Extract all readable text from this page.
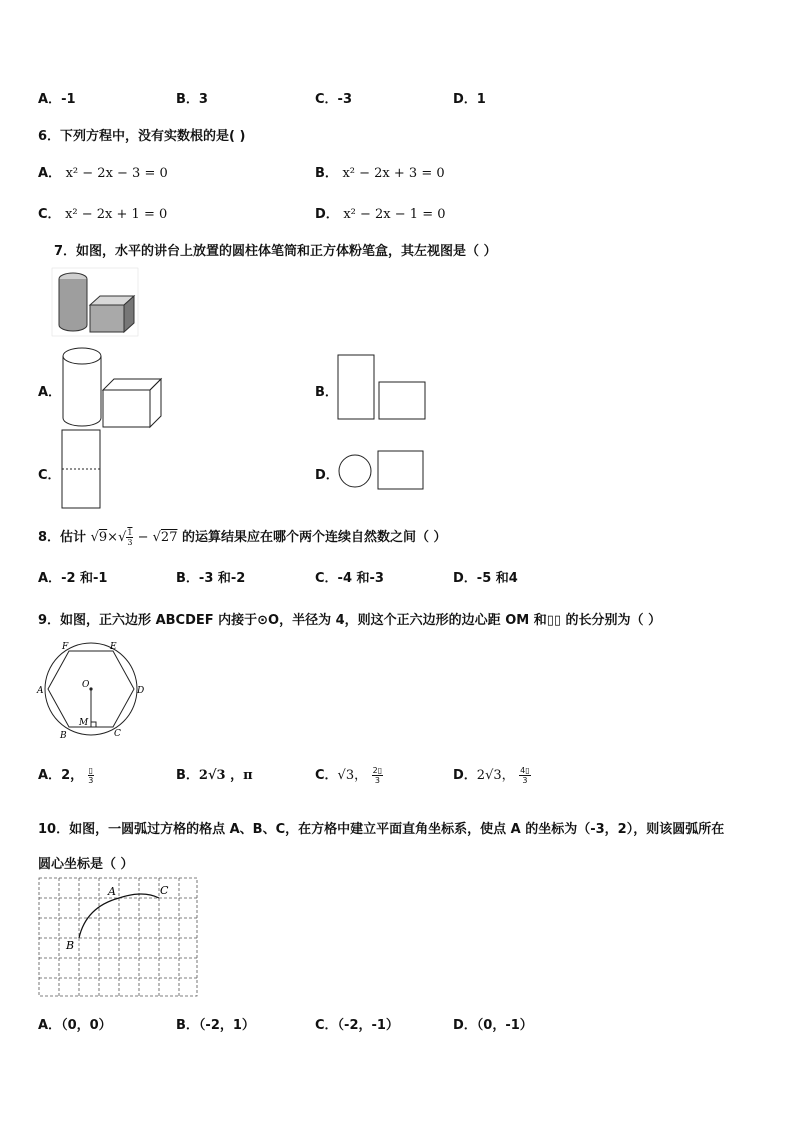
A．-1	B．3	C．-3	D．1
6．下列方程中，没有实数根的是( )
A． x² − 2x − 3 = 0	B． x² − 2x + 3 = 0
C． x² − 2x + 1 = 0	D． x² − 2x − 1 = 0
7．如图，水平的讲台上放置的圆柱体笔筒和正方体粉笔盒，其左视图是（ ）
A．	B．
C．	D．
8．估计 $√9\times√ \frac{1}{3} - √27$ 的运算结果应在哪个两个连续自然数之间（ ）
A．-2 和-1	B．-3 和-2	C．-4 和-3	D．-5 和4
9．如图，正六边形 ABCDEF 内接于⊙O，半径为 4，则这个正六边形的边心距 OM 和▯▯ 的长分别为（ ）
F	E
A	D
B	C
O
M
A．2， $\frac{▯}{3}$	B．2√3 ，π	C．√3， $\frac{2▯}{3}$	D．2√3， $\frac{4▯}{3}$
10．如图，一圆弧过方格的格点 A、B、C，在方格中建立平面直角坐标系，使点 A 的坐标为（-3，2），则该圆弧所在
圆心坐标是（ ）
A
B
C
A．（0，0）	B．（-2，1）	C．（-2，-1）	D．（0，-1）
